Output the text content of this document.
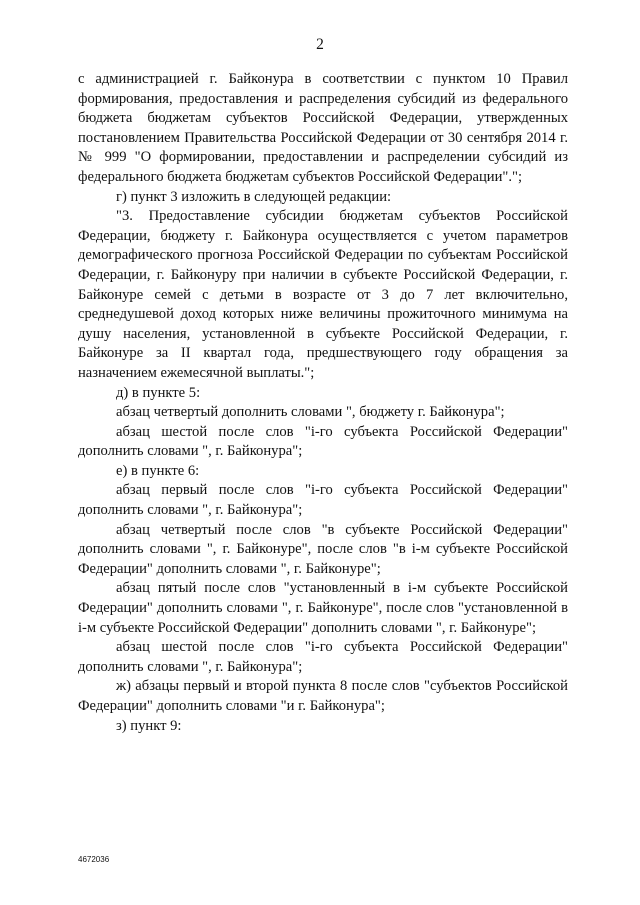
2

с администрацией г. Байконура в соответствии с пунктом 10 Правил формирования, предоставления и распределения субсидий из федерального бюджета бюджетам субъектов Российской Федерации, утвержденных постановлением Правительства Российской Федерации от 30 сентября 2014 г. № 999 "О формировании, предоставлении и распределении субсидий из федерального бюджета бюджетам субъектов Российской Федерации".";

г) пункт 3 изложить в следующей редакции:

"3. Предоставление субсидии бюджетам субъектов Российской Федерации, бюджету г. Байконура осуществляется с учетом параметров демографического прогноза Российской Федерации по субъектам Российской Федерации, г. Байконуру при наличии в субъекте Российской Федерации, г. Байконуре семей с детьми в возрасте от 3 до 7 лет включительно, среднедушевой доход которых ниже величины прожиточного минимума на душу населения, установленной в субъекте Российской Федерации, г. Байконуре за II квартал года, предшествующего году обращения за назначением ежемесячной выплаты.";

д) в пункте 5:

абзац четвертый дополнить словами ", бюджету г. Байконура";

абзац шестой после слов "i-го субъекта Российской Федерации" дополнить словами ", г. Байконура";

е) в пункте 6:

абзац первый после слов "i-го субъекта Российской Федерации" дополнить словами ", г. Байконура";

абзац четвертый после слов "в субъекте Российской Федерации" дополнить словами ", г. Байконуре", после слов "в i-м субъекте Российской Федерации" дополнить словами ", г. Байконуре";

абзац пятый после слов "установленный в i-м субъекте Российской Федерации" дополнить словами ", г. Байконуре", после слов "установленной в i-м субъекте Российской Федерации" дополнить словами ", г. Байконуре";

абзац шестой после слов "i-го субъекта Российской Федерации" дополнить словами ", г. Байконура";

ж) абзацы первый и второй пункта 8 после слов "субъектов Российской Федерации" дополнить словами "и г. Байконура";

з) пункт 9:

4672036
